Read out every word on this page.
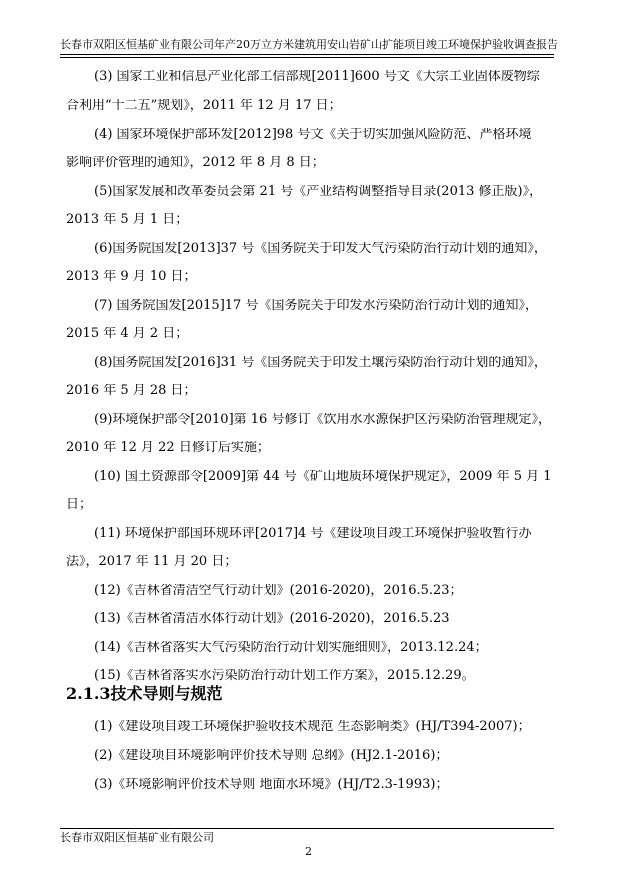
长春市双阳区恒基矿业有限公司年产20万立方米建筑用安山岩矿山扩能项目竣工环境保护验收调查报告
(3) 国家工业和信息产业化部工信部规[2011]600 号文《大宗工业固体废物综
合利用“十二五”规划》，2011 年 12 月 17 日；
(4) 国家环境保护部环发[2012]98 号文《关于切实加强风险防范、严格环境
影响评价管理的通知》，2012 年 8 月 8 日；
(5)国家发展和改革委员会第 21 号《产业结构调整指导目录(2013 修正版)》，
2013 年 5 月 1 日；
(6)国务院国发[2013]37 号《国务院关于印发大气污染防治行动计划的通知》，
2013 年 9 月 10 日；
(7) 国务院国发[2015]17 号《国务院关于印发水污染防治行动计划的通知》，
2015 年 4 月 2 日；
(8)国务院国发[2016]31 号《国务院关于印发土壤污染防治行动计划的通知》，
2016 年 5 月 28 日；
(9)环境保护部令[2010]第 16 号修订《饮用水水源保护区污染防治管理规定》，
2010 年 12 月 22 日修订后实施；
(10) 国土资源部令[2009]第 44 号《矿山地质环境保护规定》，2009 年 5 月 1
日；
(11) 环境保护部国环规环评[2017]4 号《建设项目竣工环境保护验收暂行办
法》，2017 年 11 月 20 日；
(12)《吉林省清洁空气行动计划》(2016-2020)，2016.5.23；
(13)《吉林省清洁水体行动计划》(2016-2020)，2016.5.23
(14)《吉林省落实大气污染防治行动计划实施细则》，2013.12.24；
(15)《吉林省落实水污染防治行动计划工作方案》，2015.12.29。
2.1.3技术导则与规范
(1)《建设项目竣工环境保护验收技术规范 生态影响类》(HJ/T394-2007)；
(2)《建设项目环境影响评价技术导则 总纲》(HJ2.1-2016)；
(3)《环境影响评价技术导则 地面水环境》(HJ/T2.3-1993)；
长春市双阳区恒基矿业有限公司
2
